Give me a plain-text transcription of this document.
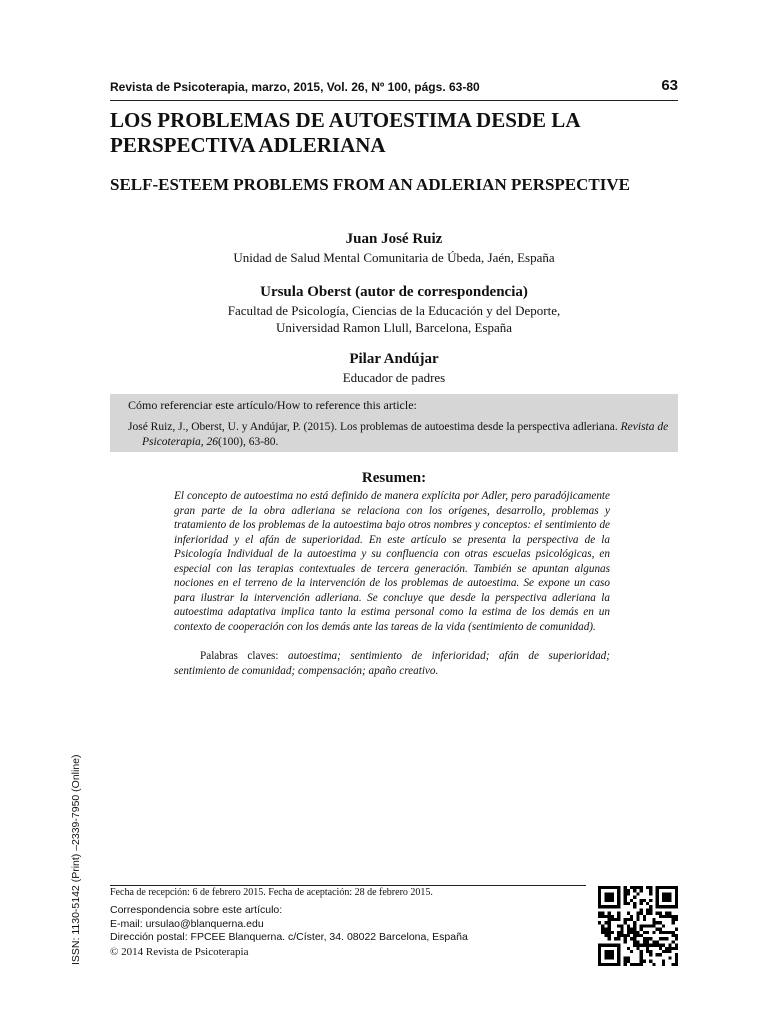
Revista de Psicoterapia, marzo, 2015, Vol. 26, Nº 100, págs. 63-80	63
LOS PROBLEMAS DE AUTOESTIMA DESDE LA PERSPECTIVA ADLERIANA
SELF-ESTEEM PROBLEMS FROM AN ADLERIAN PERSPECTIVE
Juan José Ruiz
Unidad de Salud Mental Comunitaria de Úbeda, Jaén, España
Ursula Oberst (autor de correspondencia)
Facultad de Psicología, Ciencias de la Educación y del Deporte,
Universidad Ramon Llull, Barcelona, España
Pilar Andújar
Educador de padres
Cómo referenciar este artículo/How to reference this article:
José Ruiz, J., Oberst, U. y Andújar, P. (2015). Los problemas de autoestima desde la perspectiva adleriana. Revista de Psicoterapia, 26(100), 63-80.
Resumen:
El concepto de autoestima no está definido de manera explícita por Adler, pero paradójicamente gran parte de la obra adleriana se relaciona con los orígenes, desarrollo, problemas y tratamiento de los problemas de la autoestima bajo otros nombres y conceptos: el sentimiento de inferioridad y el afán de superioridad. En este artículo se presenta la perspectiva de la Psicología Individual de la autoestima y su confluencia con otras escuelas psicológicas, en especial con las terapias contextuales de tercera generación. También se apuntan algunas nociones en el terreno de la intervención de los problemas de autoestima. Se expone un caso para ilustrar la intervención adleriana. Se concluye que desde la perspectiva adleriana la autoestima adaptativa implica tanto la estima personal como la estima de los demás en un contexto de cooperación con los demás ante las tareas de la vida (sentimiento de comunidad).
Palabras claves: autoestima; sentimiento de inferioridad; afán de superioridad; sentimiento de comunidad; compensación; apaño creativo.
ISSN: 1130-5142 (Print) –2339-7950 (Online)	Fecha de recepción: 6 de febrero 2015. Fecha de aceptación: 28 de febrero 2015.
Correspondencia sobre este artículo:
E-mail: ursulao@blanquerna.edu
Dirección postal: FPCEE Blanquerna. c/Císter, 34. 08022 Barcelona, España
© 2014 Revista de Psicoterapia
